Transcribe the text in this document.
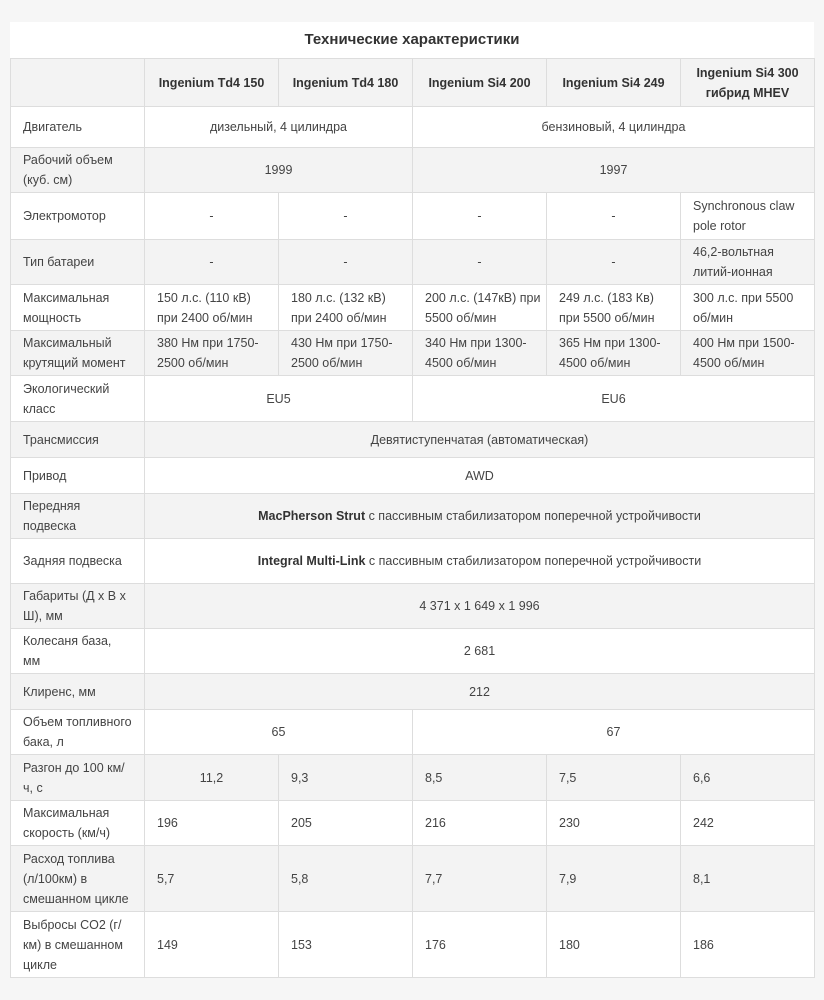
Технические характеристики
	Ingenium Td4 150	Ingenium Td4 180	Ingenium Si4 200	Ingenium Si4 249	Ingenium Si4 300 гибрид MHEV
Двигатель	дизельный, 4 цилиндра		бензиновый, 4 цилиндра		
Рабочий объем (куб. см)	1999		1997		
Электромотор	-	-	-	-	Synchronous claw pole rotor
Тип батареи	-	-	-	-	46,2-вольтная литий-ионная
Максимальная мощность	150 л.с. (110 кВ) при 2400 об/мин	180 л.с. (132 кВ) при 2400 об/мин	200 л.с. (147кВ) при 5500 об/мин	249 л.с. (183 Кв) при 5500 об/мин	300 л.с. при 5500 об/мин
Максимальный крутящий момент	380 Нм при 1750-2500 об/мин	430 Нм при 1750-2500 об/мин	340 Нм при 1300-4500 об/мин	365 Нм при 1300-4500 об/мин	400 Нм при 1500-4500 об/мин
Экологический класс	EU5		EU6		
Трансмиссия	Девятиступенчатая (автоматическая)				
Привод	AWD				
Передняя подвеска	MacPherson Strut с пассивным стабилизатором поперечной устройчивости				
Задняя подвеска	Integral Multi-Link с пассивным стабилизатором поперечной устройчивости				
Габариты (Д x В x Ш), мм	4 371 x 1 649 x 1 996				
Колесаня база, мм	2 681				
Клиренс, мм	212				
Объем топливного бака, л	65		67		
Разгон до 100 км/ч, с	11,2	9,3	8,5	7,5	6,6
Максимальная скорость (км/ч)	196	205	216	230	242
Расход топлива (л/100км) в смешанном цикле	5,7	5,8	7,7	7,9	8,1
Выбросы CO2 (г/км) в смешанном цикле	149	153	176	180	186
